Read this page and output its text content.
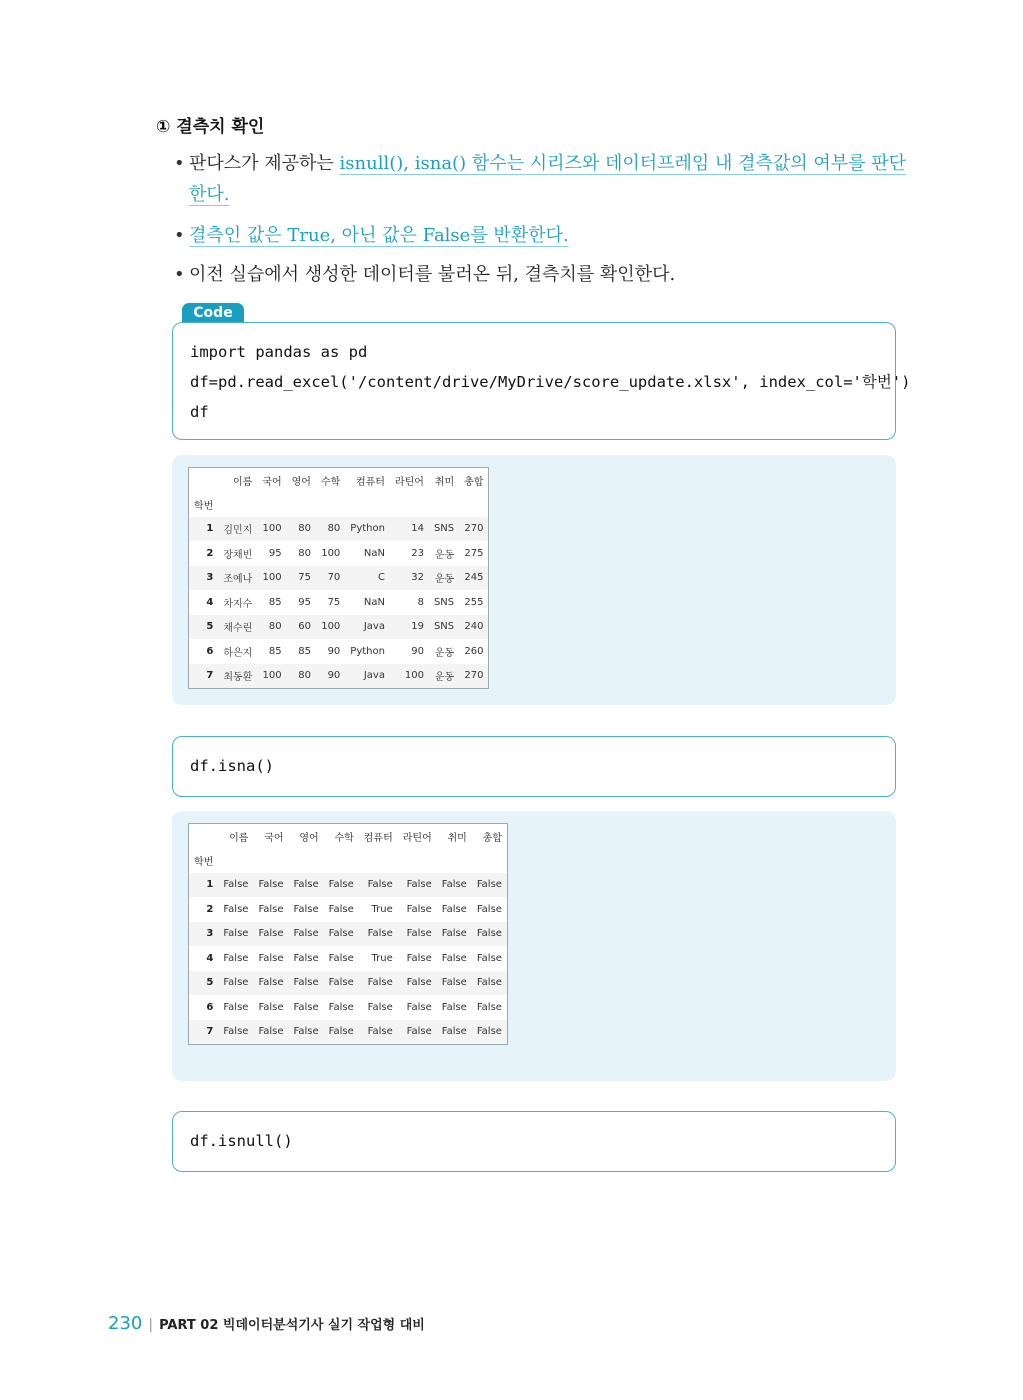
① 결측치 확인
• 판다스가 제공하는 isnull(), isna() 함수는 시리즈와 데이터프레임 내 결측값의 여부를 판단한다.
• 결측인 값은 True, 아닌 값은 False를 반환한다.
• 이전 실습에서 생성한 데이터를 불러온 뒤, 결측치를 확인한다.
Code
import pandas as pd
df=pd.read_excel('/content/drive/MyDrive/score_update.xlsx', index_col='학번')
df
	이름	국어	영어	수학	컴퓨터	라틴어	취미	총합
학번								
1	김민지	100	80	80	Python	14	SNS	270
2	장채빈	95	80	100	NaN	23	운동	275
3	조예나	100	75	70	C	32	운동	245
4	차지수	85	95	75	NaN	8	SNS	255
5	채수린	80	60	100	Java	19	SNS	240
6	하은지	85	85	90	Python	90	운동	260
7	최동환	100	80	90	Java	100	운동	270
df.isna()
	이름	국어	영어	수학	컴퓨터	라틴어	취미	총합
학번								
1	False	False	False	False	False	False	False	False
2	False	False	False	False	True	False	False	False
3	False	False	False	False	False	False	False	False
4	False	False	False	False	True	False	False	False
5	False	False	False	False	False	False	False	False
6	False	False	False	False	False	False	False	False
7	False	False	False	False	False	False	False	False
df.isnull()
230 | PART 02 빅데이터분석기사 실기 작업형 대비
